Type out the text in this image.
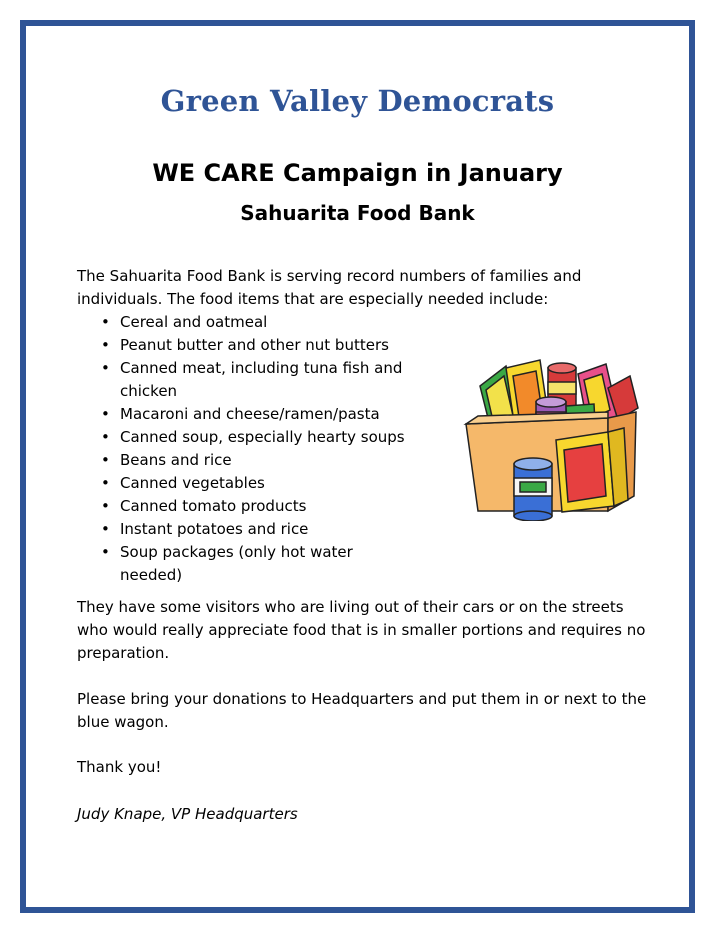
Green Valley Democrats
WE CARE Campaign in January
Sahuarita Food Bank
The Sahuarita Food Bank is serving record numbers of families and individuals. The food items that are especially needed include:
• Cereal and oatmeal
• Peanut butter and other nut butters
• Canned meat, including tuna fish and chicken
• Macaroni and cheese/ramen/pasta
• Canned soup, especially hearty soups
• Beans and rice
• Canned vegetables
• Canned tomato products
• Instant potatoes and rice
• Soup packages (only hot water needed)
They have some visitors who are living out of their cars or on the streets who would really appreciate food that is in smaller portions and requires no preparation.
Please bring your donations to Headquarters and put them in or next to the blue wagon.
Thank you!
Judy Knape, VP Headquarters
